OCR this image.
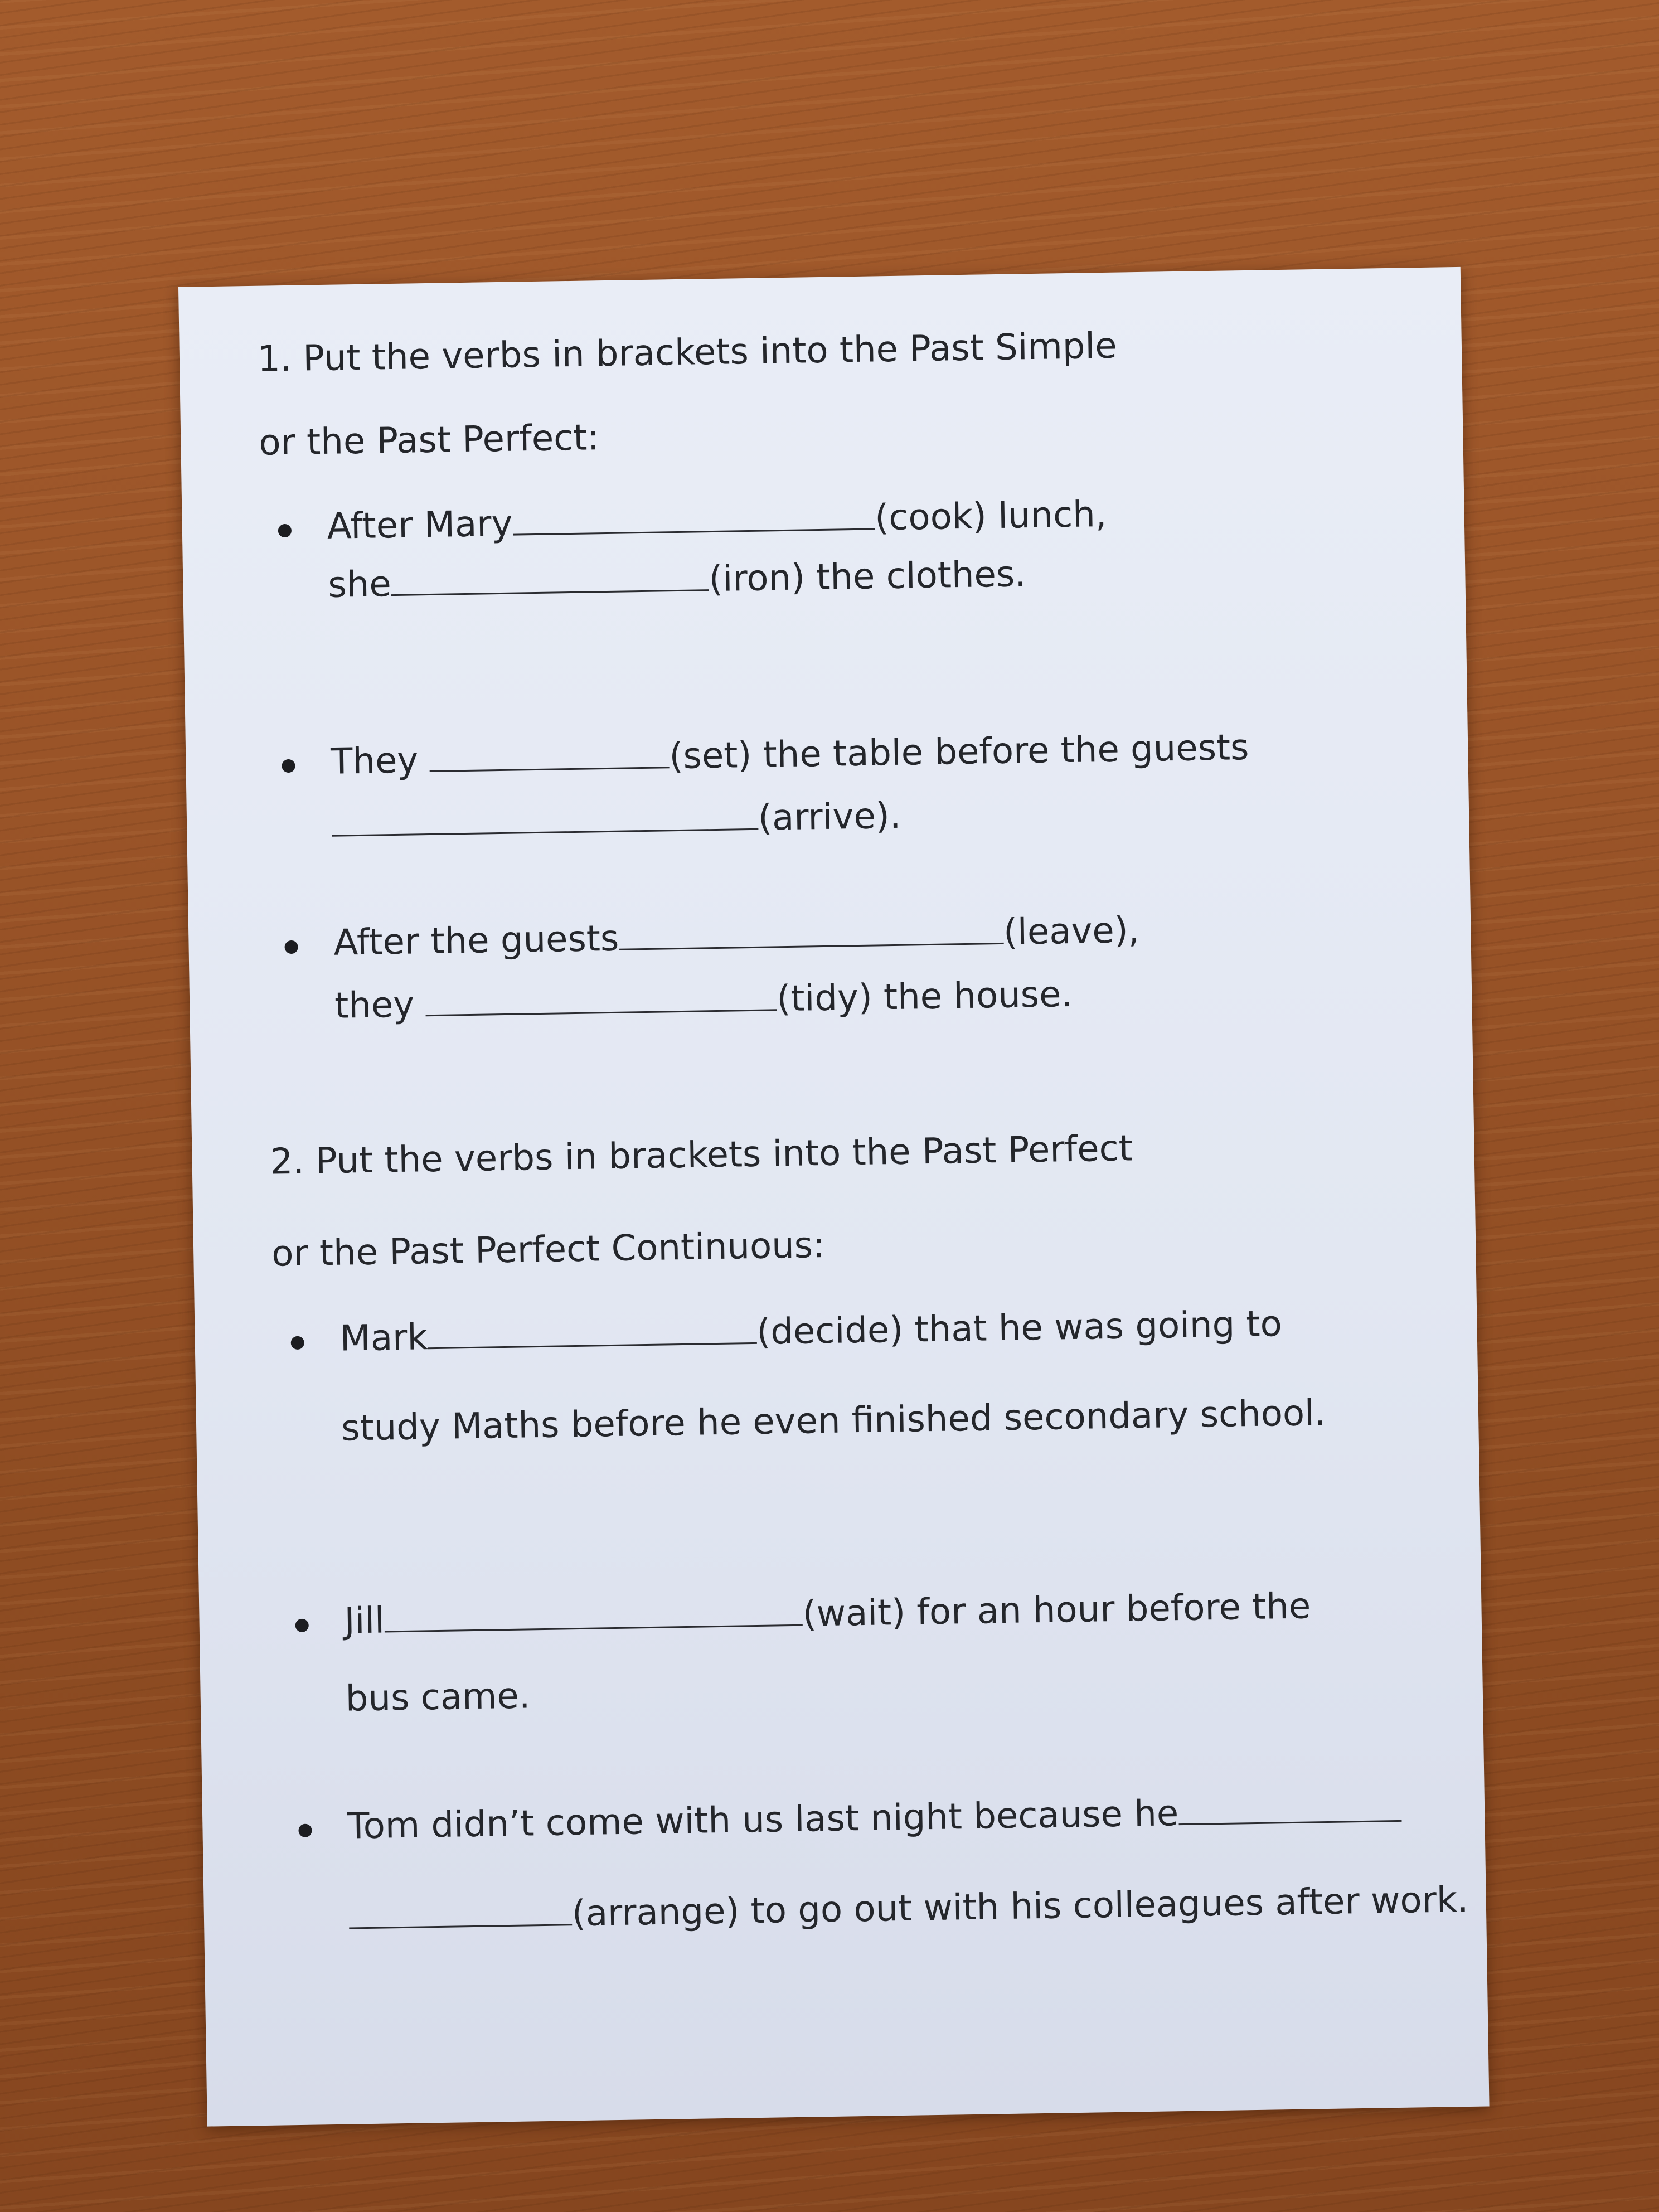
1. Put the verbs in brackets into the Past Simple
or the Past Perfect:
After Mary	(cook) lunch,
she	(iron) the clothes.
They	(set) the table before the guests
(arrive).
After the guests	(leave),
they	(tidy) the house.
2. Put the verbs in brackets into the Past Perfect
or the Past Perfect Continuous:
Mark	(decide) that he was going to
study Maths before he even finished secondary school.
Jill	(wait) for an hour before the
bus came.
Tom didn’t come with us last night because he
(arrange) to go out with his colleagues after work.
